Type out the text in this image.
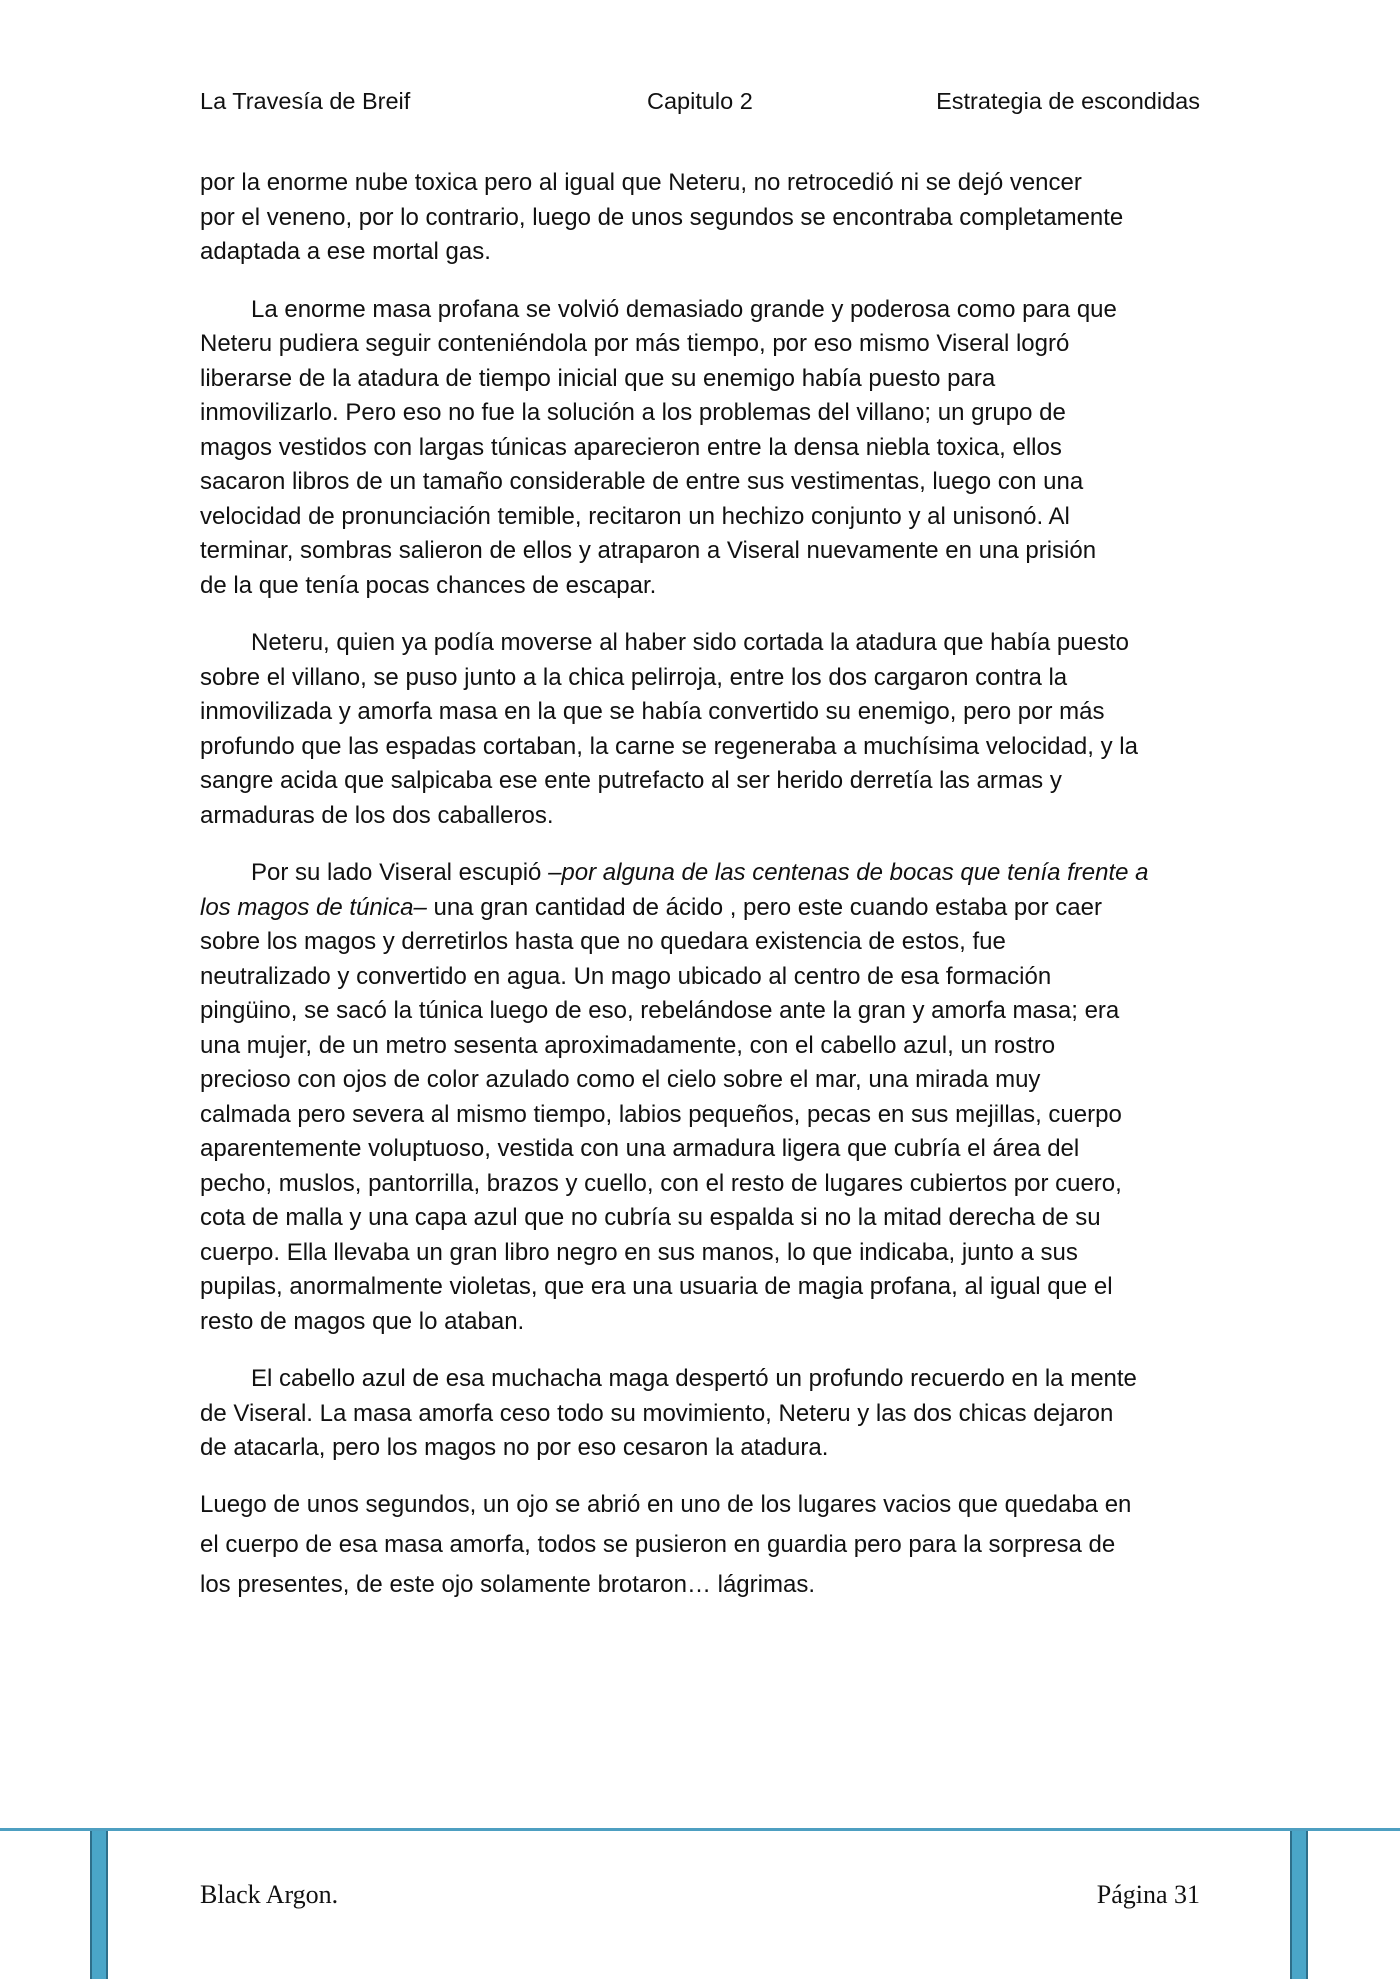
La Travesía de Breif	Capitulo 2	Estrategia de escondidas

por la enorme nube toxica pero al igual que Neteru, no retrocedió ni se dejó vencer
por el veneno, por lo contrario, luego de unos segundos se encontraba completamente
adaptada a ese mortal gas.

La enorme masa profana se volvió demasiado grande y poderosa como para que
Neteru pudiera seguir conteniéndola por más tiempo, por eso mismo Viseral logró
liberarse de la atadura de tiempo inicial que su enemigo había puesto para
inmovilizarlo. Pero eso no fue la solución a los problemas del villano; un grupo de
magos vestidos con largas túnicas aparecieron entre la densa niebla toxica, ellos
sacaron libros de un tamaño considerable de entre sus vestimentas, luego con una
velocidad de pronunciación temible, recitaron un hechizo conjunto y al unisonó. Al
terminar, sombras salieron de ellos y atraparon a Viseral nuevamente en una prisión
de la que tenía pocas chances de escapar.

Neteru, quien ya podía moverse al haber sido cortada la atadura que había puesto
sobre el villano, se puso junto a la chica pelirroja, entre los dos cargaron contra la
inmovilizada y amorfa masa en la que se había convertido su enemigo, pero por más
profundo que las espadas cortaban, la carne se regeneraba a muchísima velocidad, y la
sangre acida que salpicaba ese ente putrefacto al ser herido derretía las armas y
armaduras de los dos caballeros.

Por su lado Viseral escupió –por alguna de las centenas de bocas que tenía frente a
los magos de túnica– una gran cantidad de ácido , pero este cuando estaba por caer
sobre los magos y derretirlos hasta que no quedara existencia de estos, fue
neutralizado y convertido en agua. Un mago ubicado al centro de esa formación
pingüino, se sacó la túnica luego de eso, rebelándose ante la gran y amorfa masa; era
una mujer, de un metro sesenta aproximadamente, con el cabello azul, un rostro
precioso con ojos de color azulado como el cielo sobre el mar, una mirada muy
calmada pero severa al mismo tiempo, labios pequeños, pecas en sus mejillas, cuerpo
aparentemente voluptuoso, vestida con una armadura ligera que cubría el área del
pecho, muslos, pantorrilla, brazos y cuello, con el resto de lugares cubiertos por cuero,
cota de malla y una capa azul que no cubría su espalda si no la mitad derecha de su
cuerpo. Ella llevaba un gran libro negro en sus manos, lo que indicaba, junto a sus
pupilas, anormalmente violetas, que era una usuaria de magia profana, al igual que el
resto de magos que lo ataban.

El cabello azul de esa muchacha maga despertó un profundo recuerdo en la mente
de Viseral. La masa amorfa ceso todo su movimiento, Neteru y las dos chicas dejaron
de atacarla, pero los magos no por eso cesaron la atadura.

Luego de unos segundos, un ojo se abrió en uno de los lugares vacios que quedaba en
el cuerpo de esa masa amorfa, todos se pusieron en guardia pero para la sorpresa de
los presentes, de este ojo solamente brotaron… lágrimas.

Black Argon.	Página 31
